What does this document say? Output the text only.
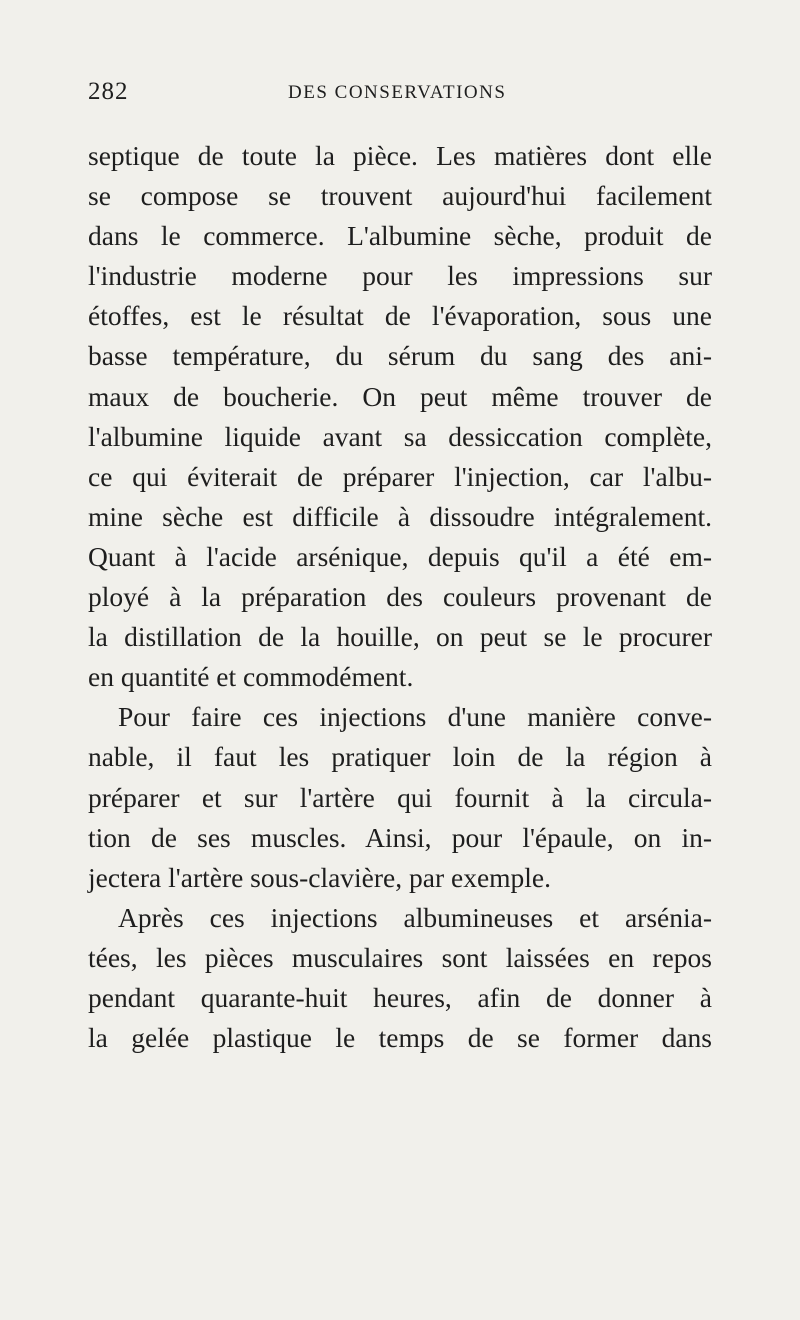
282	DES CONSERVATIONS
septique de toute la pièce. Les matières dont elle
se compose se trouvent aujourd'hui facilement
dans le commerce. L'albumine sèche, produit de
l'industrie moderne pour les impressions sur
étoffes, est le résultat de l'évaporation, sous une
basse température, du sérum du sang des ani-
maux de boucherie. On peut même trouver de
l'albumine liquide avant sa dessiccation complète,
ce qui éviterait de préparer l'injection, car l'albu-
mine sèche est difficile à dissoudre intégralement.
Quant à l'acide arsénique, depuis qu'il a été em-
ployé à la préparation des couleurs provenant de
la distillation de la houille, on peut se le procurer
en quantité et commodément.
Pour faire ces injections d'une manière conve-
nable, il faut les pratiquer loin de la région à
préparer et sur l'artère qui fournit à la circula-
tion de ses muscles. Ainsi, pour l'épaule, on in-
jectera l'artère sous-clavière, par exemple.
Après ces injections albumineuses et arsénia-
tées, les pièces musculaires sont laissées en repos
pendant quarante-huit heures, afin de donner à
la gelée plastique le temps de se former dans
